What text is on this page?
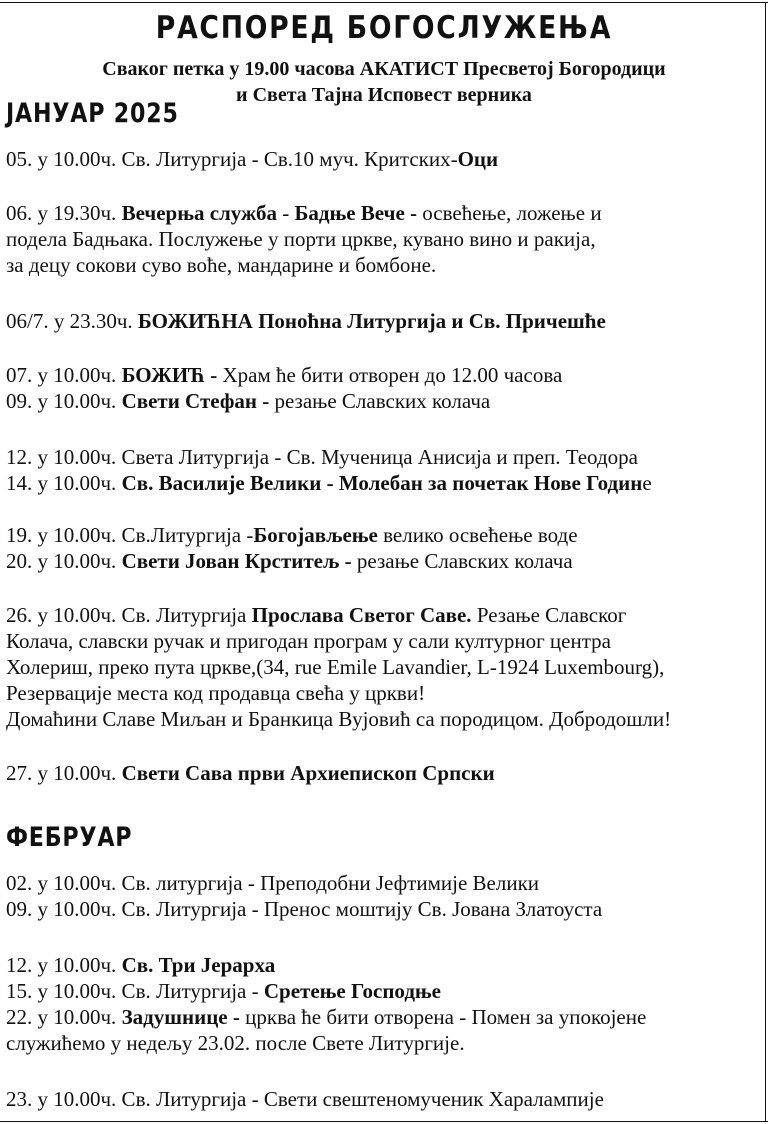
РАСПОРЕД БОГОСЛУЖЕЊА
Сваког петка у 19.00 часова АКАТИСТ Пресветој Богородици
и Света Тајна Исповест верника
ЈАНУАР 2025
ФЕБРУАР
05. у 10.00ч. Св. Литургија - Св.10 муч. Критских-Оци
06. у 19.30ч. Вечерња служба - Бадње Вече - освећење, ложење и
подела Бадњака. Послужење у порти цркве, кувано вино и ракија,
за децу сокови суво воће, мандарине и бомбоне.
06/7. у 23.30ч. БОЖИЋНА Поноћна Литургија и Св. Причешће
07. у 10.00ч. БОЖИЋ - Храм ће бити отворен до 12.00 часова
09. у 10.00ч. Свети Стефан - резање Славских колача
12. у 10.00ч. Света Литургија - Св. Мученица Анисија и преп. Теодора
14. у 10.00ч. Св. Василије Велики - Молебан за почетак Нове Године
19. у 10.00ч. Св.Литургија -Богојављење велико освећење воде
20. у 10.00ч. Свети Јован Крститељ - резање Славских колача
26. у 10.00ч. Св. Литургија Прослава Светог Саве. Резање Славског
Колача, славски ручак и пригодан програм у сали културног центра
Холериш, преко пута цркве,(34, rue Emile Lavandier, L-1924 Luxembourg),
Резервације места код продавца свећа у цркви!
Домаћини Славе Миљан и Бранкица Вујовић са породицом. Добродошли!
27. у 10.00ч. Свети Сава први Архиепископ Српски
02. у 10.00ч. Св. литургија - Преподобни Јефтимије Велики
09. у 10.00ч. Св. Литургија - Пренос моштију Св. Јована Златоуста
12. у 10.00ч. Св. Три Јерарха
15. у 10.00ч. Св. Литургија - Сретење Господње
22. у 10.00ч. Задушнице - црква ће бити отворена - Помен за упокојене
служићемо у недељу 23.02. после Свете Литургије.
23. у 10.00ч. Св. Литургија - Свети свештеномученик Харалампије
